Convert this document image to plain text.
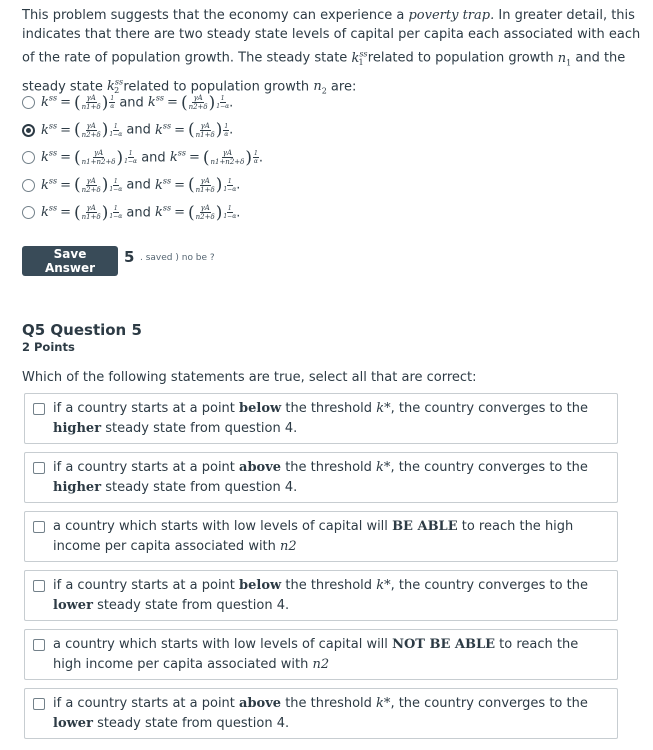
This problem suggests that the economy can experience a poverty trap. In greater detail, this indicates that there are two steady state levels of capital per capita each associated with each of the rate of population growth. The steady state $k^{ss}_1$ related to population growth $n_1$ and the steady state $k^{ss}_2$ related to population growth $n_2$ are:
$k^{ss}$ = ( $\frac{\gamma A}{n1+\delta}$ ) $\frac{1}{\alpha}$ and $k^{ss}$ = ( $\frac{\gamma A}{n2+\delta}$ ) $\frac{1}{1-\alpha}$ .
$k^{ss}$ = ( $\frac{\gamma A}{n2+\delta}$ ) $\frac{1}{1-\alpha}$ and $k^{ss}$ = ( $\frac{\gamma A}{n1+\delta}$ ) $\frac{1}{\alpha}$ .
$k^{ss}$ = ( $\frac{\gamma A}{n1+n2+\delta}$ ) $\frac{1}{1-\alpha}$ and $k^{ss}$ = ( $\frac{\gamma A}{n1+n2+\delta}$ ) $\frac{1}{\alpha}$ .
$k^{ss}$ = ( $\frac{\gamma A}{n2+\delta}$ ) $\frac{1}{1-\alpha}$ and $k^{ss}$ = ( $\frac{\gamma A}{n1+\delta}$ ) $\frac{1}{1-\alpha}$ .
$k^{ss}$ = ( $\frac{\gamma A}{n1+\delta}$ ) $\frac{1}{1-\alpha}$ and $k^{ss}$ = ( $\frac{\gamma A}{n2+\delta}$ ) $\frac{1}{1-\alpha}$ .
Save Answer
5 . saved ) no be ?
Q5 Question 5
2 Points
Which of the following statements are true, select all that are correct:
if a country starts at a point below the threshold k*, the country converges to the higher steady state from question 4.
if a country starts at a point above the threshold k*, the country converges to the higher steady state from question 4.
a country which starts with low levels of capital will BE ABLE to reach the high income per capita associated with n2
if a country starts at a point below the threshold k*, the country converges to the lower steady state from question 4.
a country which starts with low levels of capital will NOT BE ABLE to reach the high income per capita associated with n2
if a country starts at a point above the threshold k*, the country converges to the lower steady state from question 4.
